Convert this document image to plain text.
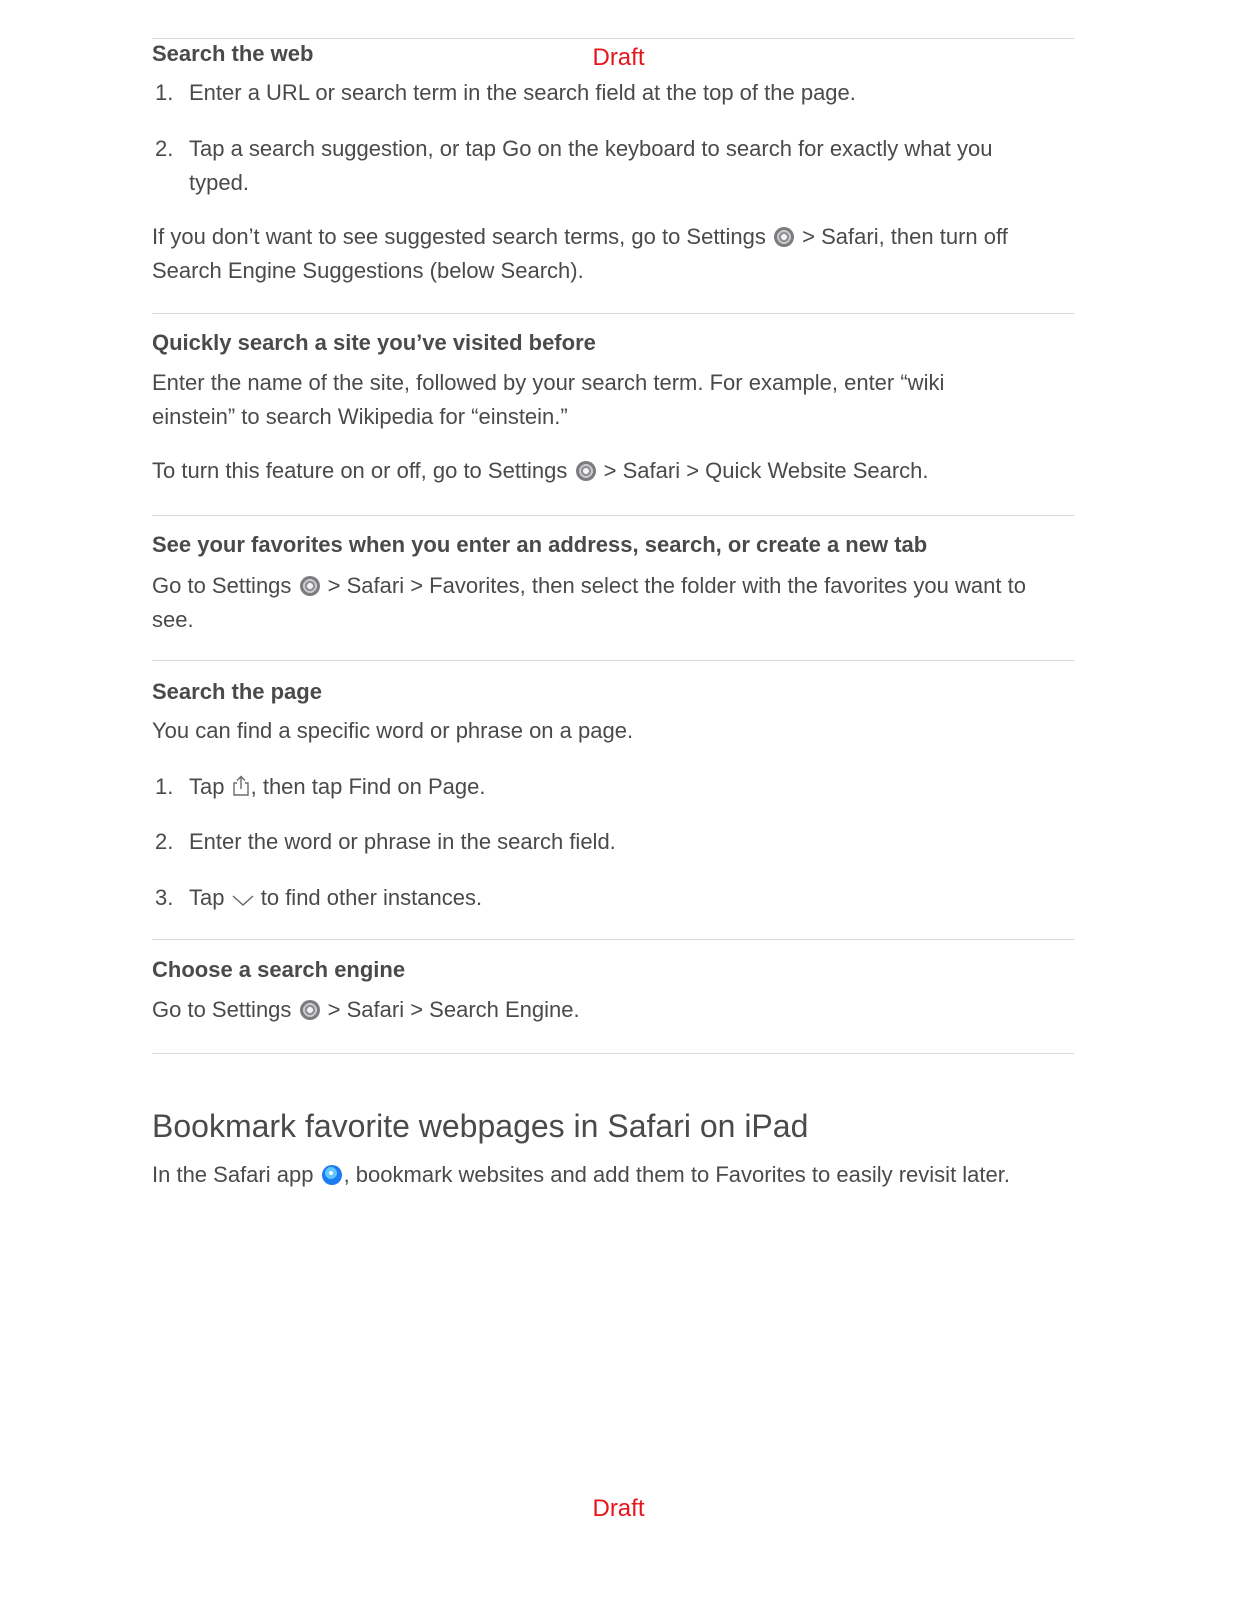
Draft
Search the web
1. Enter a URL or search term in the search field at the top of the page.
2. Tap a search suggestion, or tap Go on the keyboard to search for exactly what you typed.

If you don’t want to see suggested search terms, go to Settings > Safari, then turn off Search Engine Suggestions (below Search).

Quickly search a site you’ve visited before

Enter the name of the site, followed by your search term. For example, enter “wiki einstein” to search Wikipedia for “einstein.”

To turn this feature on or off, go to Settings > Safari > Quick Website Search.

See your favorites when you enter an address, search, or create a new tab

Go to Settings > Safari > Favorites, then select the folder with the favorites you want to see.

Search the page

You can find a specific word or phrase on a page.

1. Tap , then tap Find on Page.
2. Enter the word or phrase in the search field.
3. Tap to find other instances.
Choose a search engine

Go to Settings > Safari > Search Engine.

Bookmark favorite webpages in Safari on iPad

In the Safari app , bookmark websites and add them to Favorites to easily revisit later.

Draft
